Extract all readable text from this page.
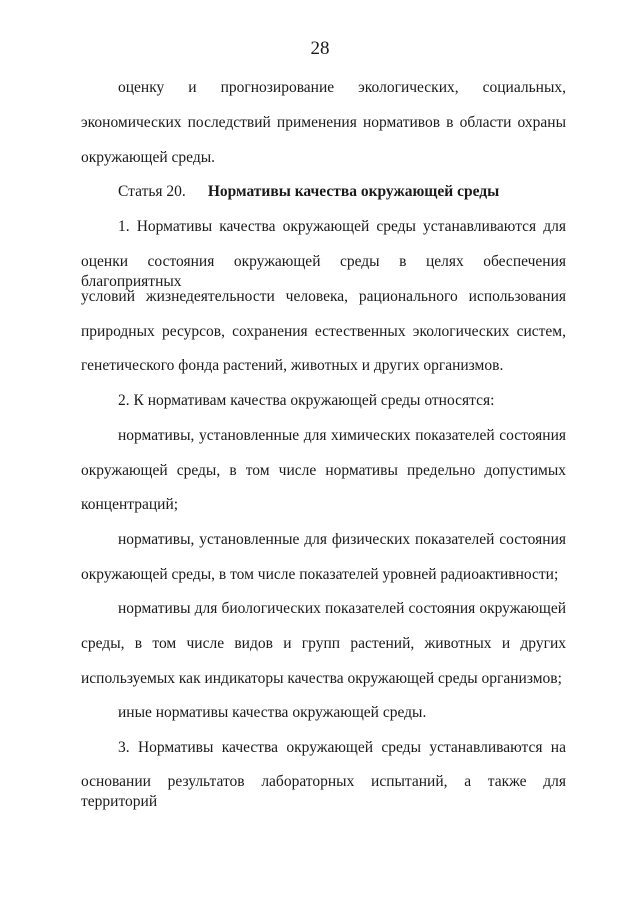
28
оценку и прогнозирование экологических, социальных,
экономических последствий применения нормативов в области охраны
окружающей среды.
Статья 20. Нормативы качества окружающей среды
1. Нормативы качества окружающей среды устанавливаются для
оценки состояния окружающей среды в целях обеспечения благоприятных
условий жизнедеятельности человека, рационального использования
природных ресурсов, сохранения естественных экологических систем,
генетического фонда растений, животных и других организмов.
2. К нормативам качества окружающей среды относятся:
нормативы, установленные для химических показателей состояния
окружающей среды, в том числе нормативы предельно допустимых
концентраций;
нормативы, установленные для физических показателей состояния
окружающей среды, в том числе показателей уровней радиоактивности;
нормативы для биологических показателей состояния окружающей
среды, в том числе видов и групп растений, животных и других
используемых как индикаторы качества окружающей среды организмов;
иные нормативы качества окружающей среды.
3. Нормативы качества окружающей среды устанавливаются на
основании результатов лабораторных испытаний, а также для территорий
